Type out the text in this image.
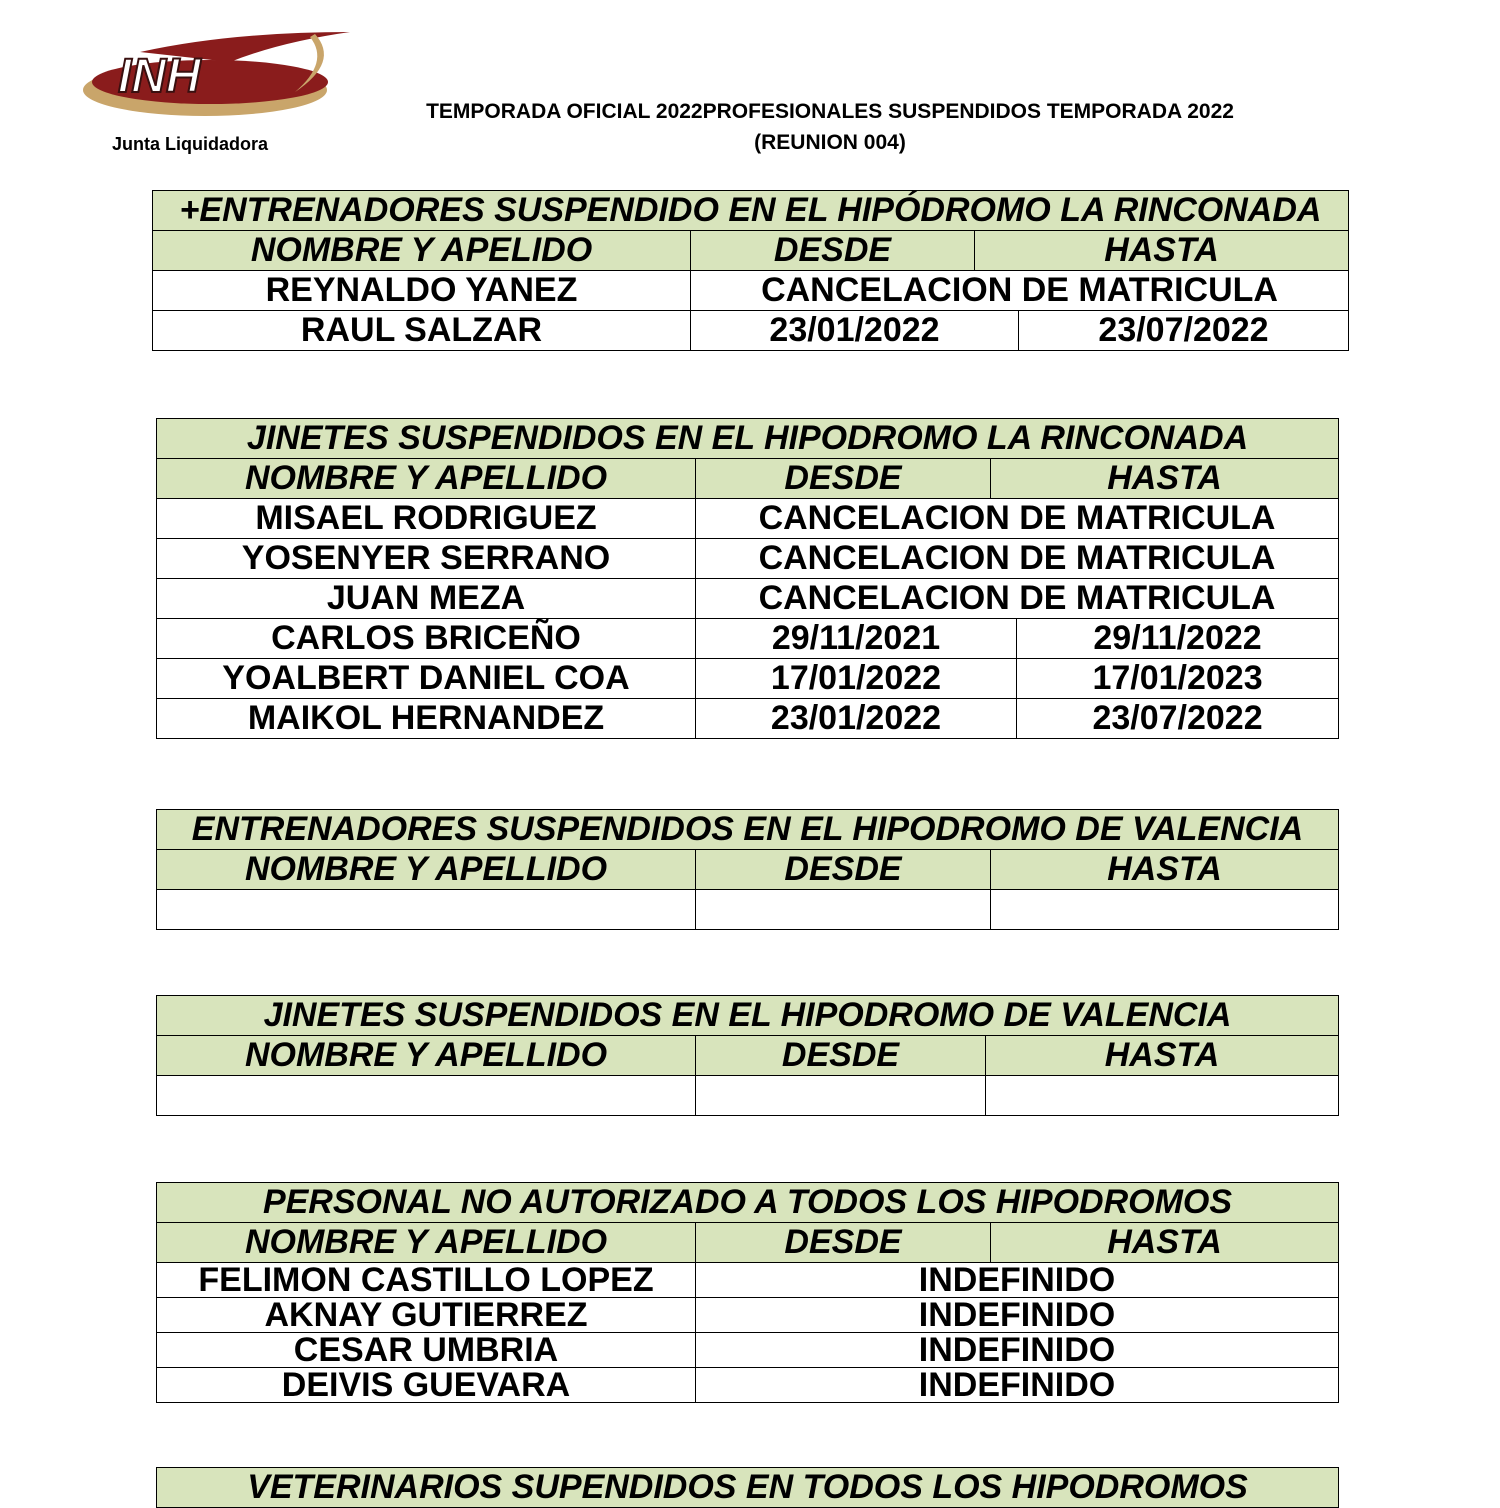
INH
Junta Liquidadora
TEMPORADA OFICIAL 2022PROFESIONALES SUSPENDIDOS TEMPORADA 2022 (REUNION 004)
+ENTRENADORES SUSPENDIDO EN EL HIPÓDROMO LA RINCONADA			
NOMBRE Y APELIDO	DESDE	HASTA	
REYNALDO YANEZ	CANCELACION DE MATRICULA		
RAUL SALZAR	23/01/2022		23/07/2022
JINETES SUSPENDIDOS EN EL HIPODROMO LA RINCONADA			
NOMBRE Y APELLIDO	DESDE	HASTA	
MISAEL RODRIGUEZ	CANCELACION DE MATRICULA		
YOSENYER SERRANO	CANCELACION DE MATRICULA		
JUAN MEZA	CANCELACION DE MATRICULA		
CARLOS BRICEÑO	29/11/2021		29/11/2022
YOALBERT DANIEL COA	17/01/2022		17/01/2023
MAIKOL HERNANDEZ	23/01/2022		23/07/2022
ENTRENADORES SUSPENDIDOS EN EL HIPODROMO DE VALENCIA		
NOMBRE Y APELLIDO	DESDE	HASTA

JINETES SUSPENDIDOS EN EL HIPODROMO DE VALENCIA		
NOMBRE Y APELLIDO	DESDE	HASTA

PERSONAL NO AUTORIZADO A TODOS LOS HIPODROMOS		
NOMBRE Y APELLIDO	DESDE	HASTA
FELIMON CASTILLO LOPEZ	INDEFINIDO	
AKNAY GUTIERREZ	INDEFINIDO	
CESAR UMBRIA	INDEFINIDO	
DEIVIS GUEVARA	INDEFINIDO	
VETERINARIOS SUPENDIDOS EN TODOS LOS HIPODROMOS
